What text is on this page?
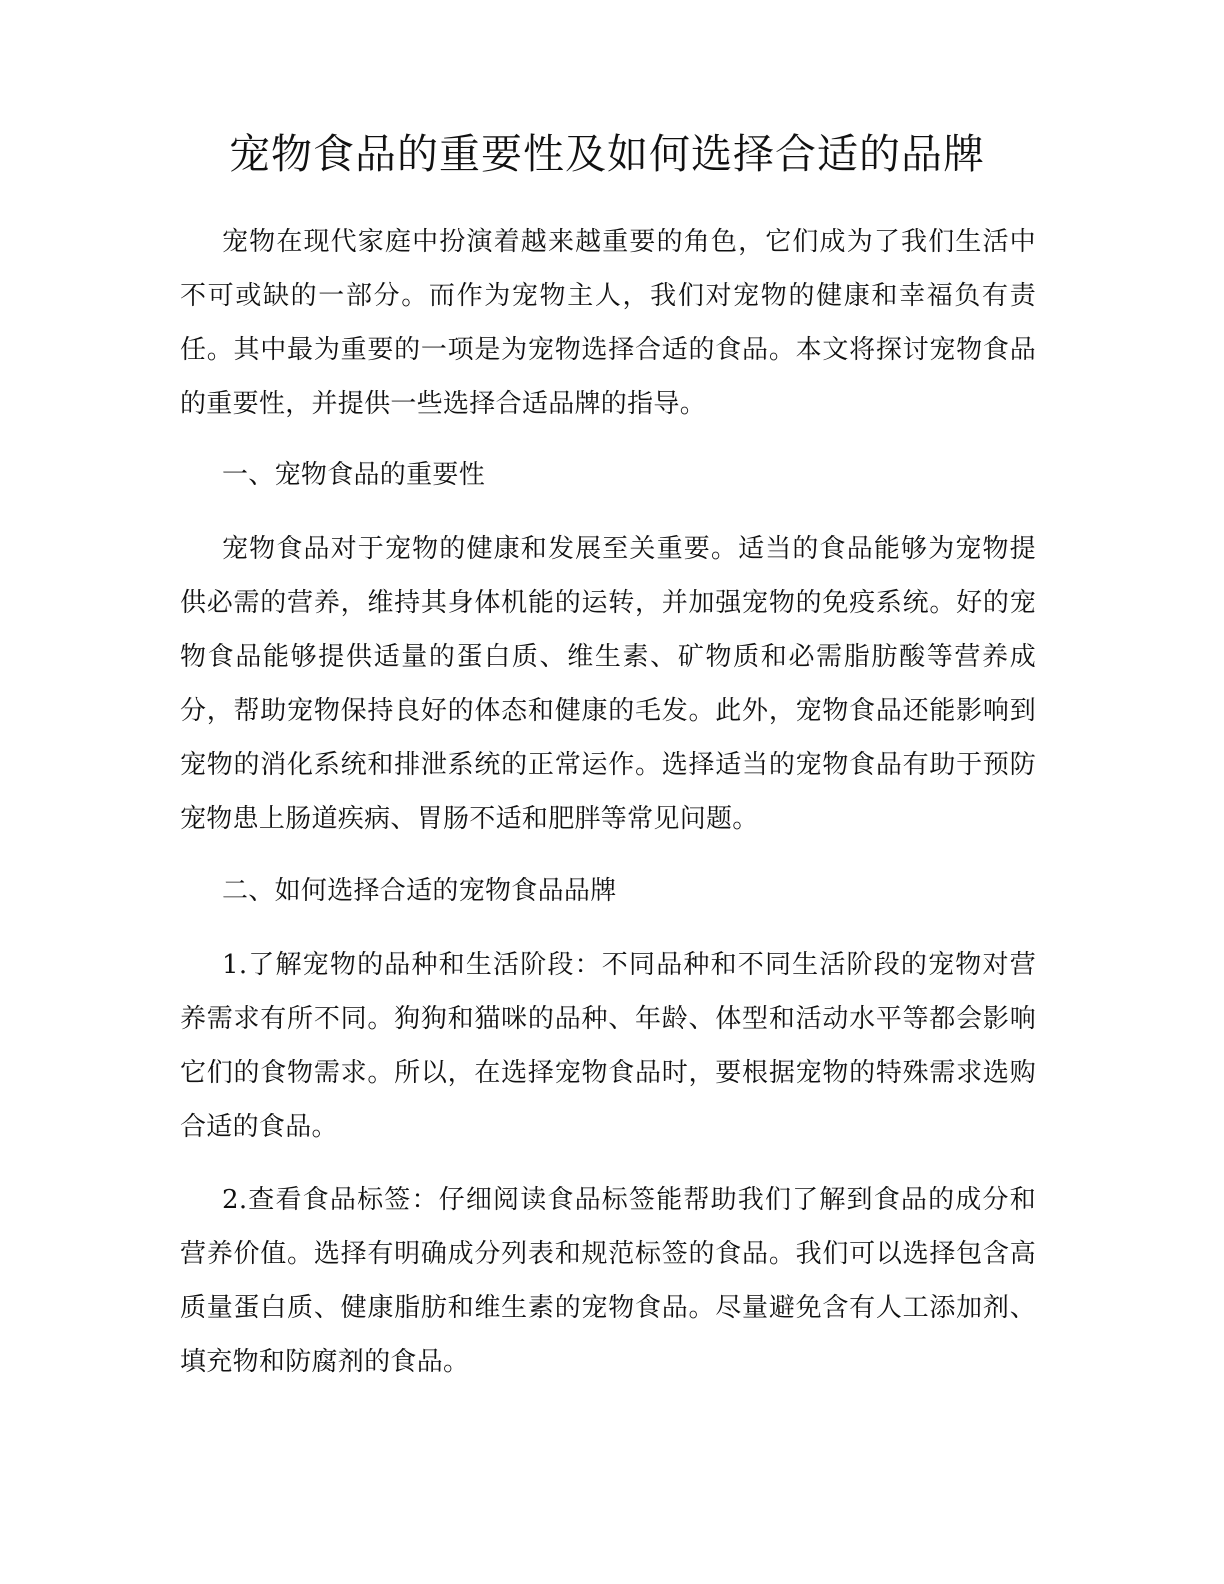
宠物食品的重要性及如何选择合适的品牌

宠物在现代家庭中扮演着越来越重要的角色，它们成为了我们生活中不可或缺的一部分。而作为宠物主人，我们对宠物的健康和幸福负有责任。其中最为重要的一项是为宠物选择合适的食品。本文将探讨宠物食品的重要性，并提供一些选择合适品牌的指导。

一、宠物食品的重要性

宠物食品对于宠物的健康和发展至关重要。适当的食品能够为宠物提供必需的营养，维持其身体机能的运转，并加强宠物的免疫系统。好的宠物食品能够提供适量的蛋白质、维生素、矿物质和必需脂肪酸等营养成分，帮助宠物保持良好的体态和健康的毛发。此外，宠物食品还能影响到宠物的消化系统和排泄系统的正常运作。选择适当的宠物食品有助于预防宠物患上肠道疾病、胃肠不适和肥胖等常见问题。

二、如何选择合适的宠物食品品牌

1.了解宠物的品种和生活阶段：不同品种和不同生活阶段的宠物对营养需求有所不同。狗狗和猫咪的品种、年龄、体型和活动水平等都会影响它们的食物需求。所以，在选择宠物食品时，要根据宠物的特殊需求选购合适的食品。

2.查看食品标签：仔细阅读食品标签能帮助我们了解到食品的成分和营养价值。选择有明确成分列表和规范标签的食品。我们可以选择包含高质量蛋白质、健康脂肪和维生素的宠物食品。尽量避免含有人工添加剂、填充物和防腐剂的食品。
